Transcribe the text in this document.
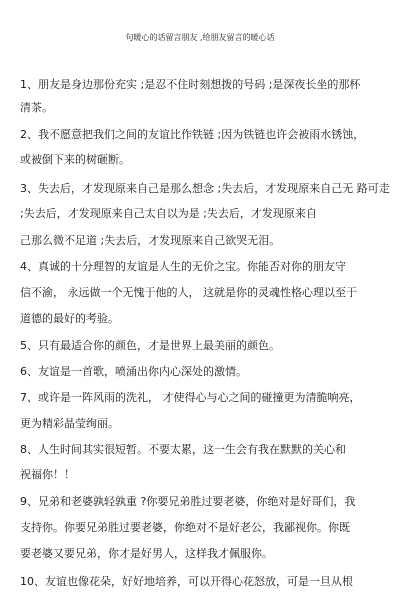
句暖心的话留言朋友 ,给朋友留言的暖心话
1、朋友是身边那份充实 ;是忍不住时刻想拨的号码 ;是深夜长坐的那杯
清茶。
2、我不愿意把我们之间的友谊比作铁链 ;因为铁链也许会被雨水锈蚀，
或被倒下来的树砸断。
3、失去后，才发现原来自己是那么想念 ;失去后，才发现原来自己无 路可走
;失去后，才发现原来自己太自以为是 ;失去后，才发现原来自
己那么微不足道 ;失去后，才发现原来自己欲哭无泪。
4、真诚的十分理智的友谊是人生的无价之宝。你能否对你的朋友守
信不渝， 永远做一个无愧于他的人， 这就是你的灵魂性格心理以至于
道德的最好的考验。
5、只有最适合你的颜色，才是世界上最美丽的颜色。
6、友谊是一首歌，喷涌出你内心深处的激情。
7、或许是一阵风雨的洗礼， 才使得心与心之间的碰撞更为清脆响亮，
更为精彩晶莹绚丽。
8、人生时间其实很短暂。不要太累，这一生会有我在默默的关心和
祝福你！！
9、兄弟和老婆孰轻孰重 ?你要兄弟胜过要老婆，你绝对是好哥们，我
支持你。你要兄弟胜过要老婆，你绝对不是好老公，我鄙视你。你既
要老婆又要兄弟，你才是好男人，这样我才佩服你。
10、友谊也像花朵，好好地培养，可以开得心花怒放，可是一旦从根
